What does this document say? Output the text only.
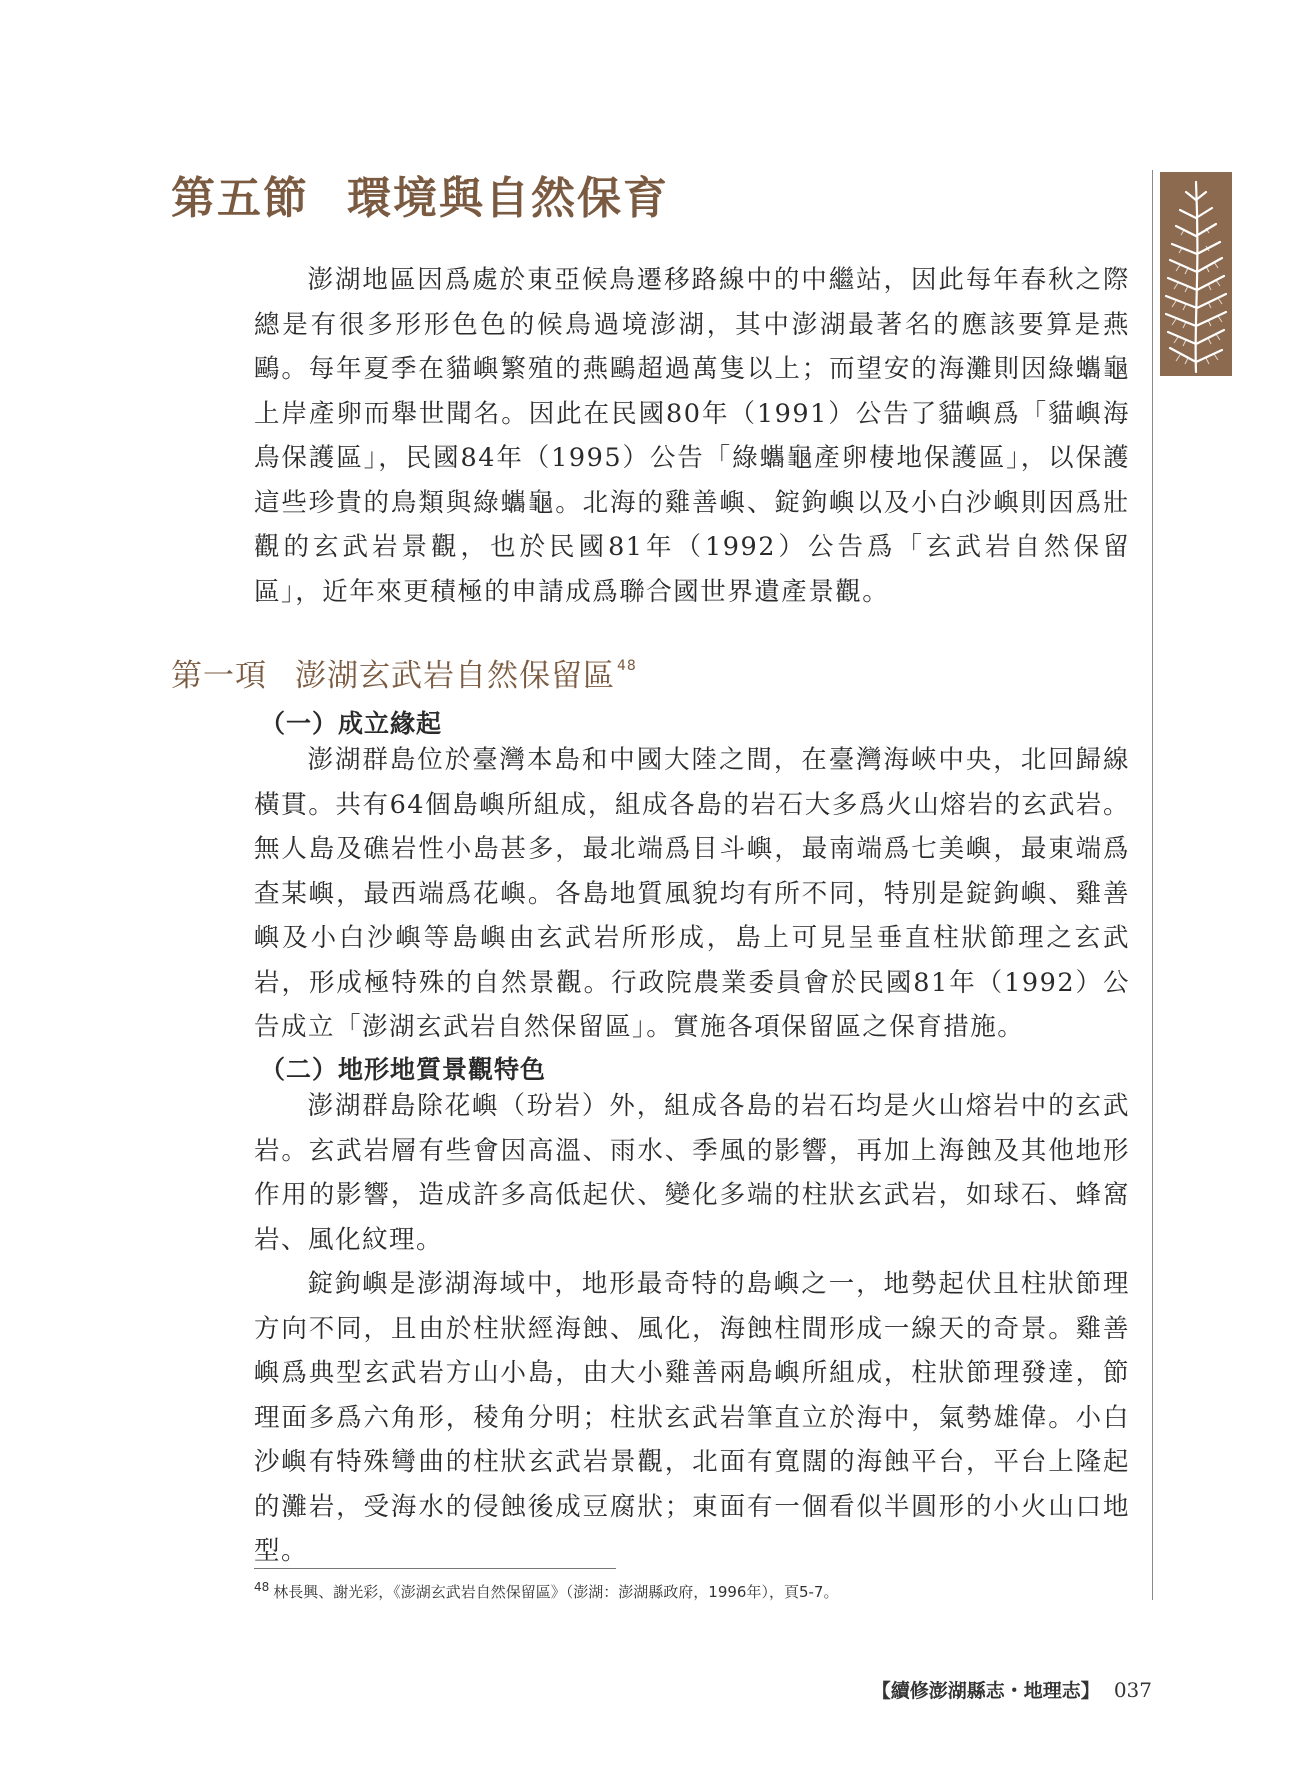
第五節 環境與自然保育

澎湖地區因爲處於東亞候鳥遷移路線中的中繼站，因此每年春秋之際總是有很多形形色色的候鳥過境澎湖，其中澎湖最著名的應該要算是燕鷗。每年夏季在貓嶼繁殖的燕鷗超過萬隻以上；而望安的海灘則因綠蠵龜上岸產卵而舉世聞名。因此在民國80年（1991）公告了貓嶼爲「貓嶼海鳥保護區」，民國84年（1995）公告「綠蠵龜產卵棲地保護區」，以保護這些珍貴的鳥類與綠蠵龜。北海的雞善嶼、錠鉤嶼以及小白沙嶼則因爲壯觀的玄武岩景觀，也於民國81年（1992）公告爲「玄武岩自然保留區」，近年來更積極的申請成爲聯合國世界遺產景觀。

第一項 澎湖玄武岩自然保留區 $^{48}$
（一）成立緣起

澎湖群島位於臺灣本島和中國大陸之間，在臺灣海峽中央，北回歸線橫貫。共有64個島嶼所組成，組成各島的岩石大多爲火山熔岩的玄武岩。無人島及礁岩性小島甚多，最北端爲目斗嶼，最南端爲七美嶼，最東端爲查某嶼，最西端爲花嶼。各島地質風貌均有所不同，特別是錠鉤嶼、雞善嶼及小白沙嶼等島嶼由玄武岩所形成，島上可見呈垂直柱狀節理之玄武岩，形成極特殊的自然景觀。行政院農業委員會於民國81年（1992）公告成立「澎湖玄武岩自然保留區」。實施各項保留區之保育措施。

（二）地形地質景觀特色

澎湖群島除花嶼（玢岩）外，組成各島的岩石均是火山熔岩中的玄武岩。玄武岩層有些會因高溫、雨水、季風的影響，再加上海蝕及其他地形作用的影響，造成許多高低起伏、變化多端的柱狀玄武岩，如球石、蜂窩岩、風化紋理。

錠鉤嶼是澎湖海域中，地形最奇特的島嶼之一，地勢起伏且柱狀節理方向不同，且由於柱狀經海蝕、風化，海蝕柱間形成一線天的奇景。雞善嶼爲典型玄武岩方山小島，由大小雞善兩島嶼所組成，柱狀節理發達，節理面多爲六角形，稜角分明；柱狀玄武岩筆直立於海中，氣勢雄偉。小白沙嶼有特殊彎曲的柱狀玄武岩景觀，北面有寬闊的海蝕平台，平台上隆起的灘岩，受海水的侵蝕後成豆腐狀；東面有一個看似半圓形的小火山口地型。

$^{48}$ 林長興、謝光彩，《澎湖玄武岩自然保留區》（澎湖：澎湖縣政府，1996年），頁5-7。
【續修澎湖縣志・地理志】 037
